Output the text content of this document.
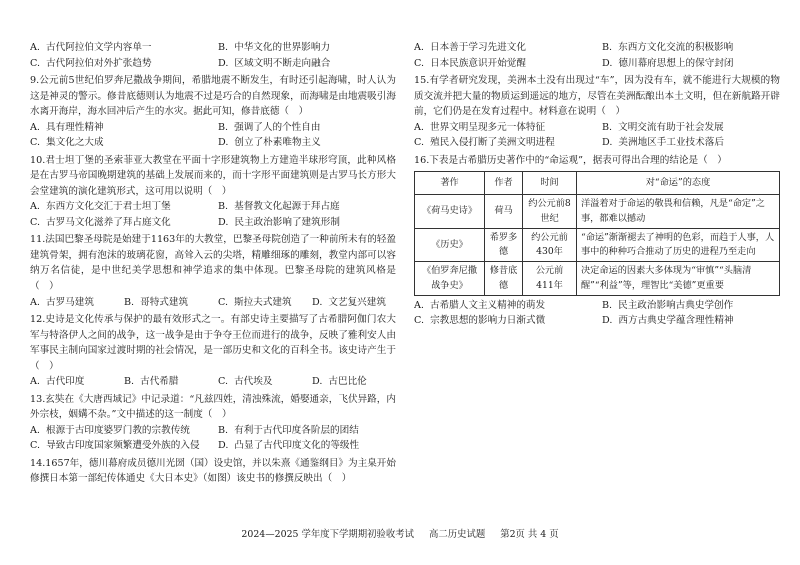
A. 古代阿拉伯文学内容单一	B. 中华文化的世界影响力
C. 古代阿拉伯对外扩张趋势	D. 区域文明不断走向融合

9.公元前5世纪伯罗奔尼撒战争期间，希腊地震不断发生，有时还引起海啸，时人认为这是神灵的警示。修昔底德则认为地震不过是巧合的自然现象，而海啸是由地震吸引海水离开海岸，海水回冲后产生的水灾。据此可知，修昔底德（　）

A. 具有理性精神	B. 强调了人的个性自由
C. 集文化之大成	D. 创立了朴素唯物主义

10.君士坦丁堡的圣索菲亚大教堂在平面十字形建筑物上方建造半球形穹顶，此种风格是在古罗马帝国晚期建筑的基础上发展而来的，而十字形平面建筑则是古罗马长方形大会堂建筑的演化建筑形式，这可用以说明（　）

A. 东西方文化交汇于君士坦丁堡	B. 基督教文化起源于拜占庭
C. 古罗马文化滋养了拜占庭文化	D. 民主政治影响了建筑形制

11.法国巴黎圣母院是始建于1163年的大教堂，巴黎圣母院创造了一种前所未有的轻盈建筑骨架，拥有泡沫的玻璃花窗，高耸入云的尖塔，精雕细琢的雕刻，教堂内部可以容纳万名信徒，是中世纪美学思想和神学追求的集中体现。巴黎圣母院的建筑风格是（　）

A. 古罗马建筑	B. 哥特式建筑	C. 斯拉夫式建筑	D. 文艺复兴建筑

12.史诗是文化传承与保护的最有效形式之一。有部史诗主要描写了古希腊阿伽门农大军与特洛伊人之间的战争，这一战争是由于争夺王位而进行的战争，反映了雅利安人由军事民主制向国家过渡时期的社会情况，是一部历史和文化的百科全书。该史诗产生于（　）

A. 古代印度	B. 古代希腊	C. 古代埃及	D. 古巴比伦

13.玄奘在《大唐西域记》中记录道：“凡兹四姓，清浊殊流，婚娶通亲，飞伏异路，内外宗枝，姻媾不杂。”文中描述的这一制度（　）

A. 根源于古印度婆罗门教的宗教传统	B. 有利于古代印度各阶层的团结
C. 导致古印度国家频繁遭受外族的入侵	D. 凸显了古代印度文化的等级性

14.1657年，德川幕府成员德川光圀（国）设史馆，并以朱熹《通鉴纲目》为主臬开始修撰日本第一部纪传体通史《大日本史》（如图）该史书的修撰反映出（　）

A. 日本善于学习先进文化	B. 东西方文化交流的积极影响
C. 日本民族意识开始觉醒	D. 德川幕府思想上的保守封闭

15.有学者研究发现，美洲本土没有出现过“车”，因为没有车，就不能进行大规模的物质交流并把大量的物质运到遥远的地方，尽管在美洲酝酿出本土文明，但在新航路开辟前，它们仍是在发育过程中。材料意在说明（　）

A. 世界文明呈现多元一体特征	B. 文明交流有助于社会发展
C. 殖民入侵打断了美洲文明进程	D. 美洲地区手工业技术落后

16.下表是古希腊历史著作中的“命运观”，据表可得出合理的结论是（　）

著作	作者	时间	对“命运”的态度
《荷马史诗》	荷马	约公元前8世纪	洋溢着对于命运的敬畏和信赖，凡是“命定”之事，都难以撼动
《历史》	希罗多德	约公元前430年	“命运”渐渐褪去了神明的色彩，而趋于人事，人事中的种种巧合推动了历史的进程乃至走向
《伯罗奔尼撒战争史》	修昔底德	公元前411年	决定命运的因素大多体现为“审慎”“头脑清醒”“利益”等，理智比“美德”更重要
A. 古希腊人文主义精神的萌发	B. 民主政治影响古典史学创作
C. 宗教思想的影响力日渐式微	D. 西方古典史学蕴含理性精神
2024—2025 学年度下学期期初验收考试 高二历史试题 第2页 共 4 页
